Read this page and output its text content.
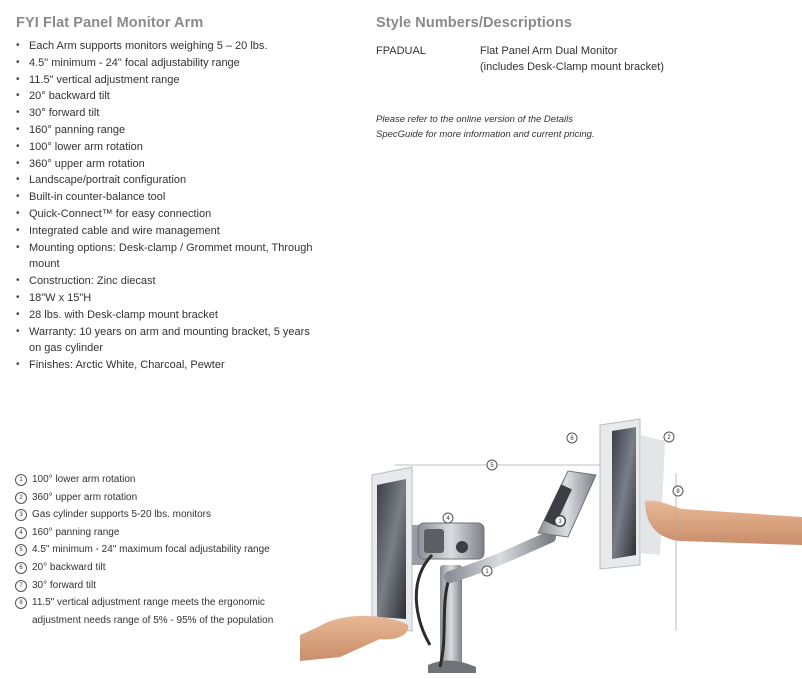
FYI Flat Panel Monitor Arm
• Each Arm supports monitors weighing 5 – 20 lbs.
• 4.5" minimum - 24" focal adjustability range
• 11.5" vertical adjustment range
• 20° backward tilt
• 30° forward tilt
• 160° panning range
• 100° lower arm rotation
• 360° upper arm rotation
• Landscape/portrait configuration
• Built-in counter-balance tool
• Quick-Connect™ for easy connection
• Integrated cable and wire management
• Mounting options: Desk-clamp / Grommet mount, Through mount
• Construction: Zinc diecast
• 18"W x 15"H
• 28 lbs. with Desk-clamp mount bracket
• Warranty: 10 years on arm and mounting bracket, 5 years on gas cylinder
• Finishes: Arctic White, Charcoal, Pewter
Style Numbers/Descriptions
FPADUAL	Flat Panel Arm Dual Monitor
(includes Desk-Clamp mount bracket)
Please refer to the online version of the Details
SpecGuide for more information and current pricing.
1 100° lower arm rotation
2 360° upper arm rotation
3 Gas cylinder supports 5-20 lbs. monitors
4 160° panning range
5 4.5" minimum - 24" maximum focal adjustability range
6 20° backward tilt
7 30° forward tilt
8 11.5" vertical adjustment range meets the ergonomic adjustment needs range of 5% - 95% of the population
1
2
3
4
5
6
8
